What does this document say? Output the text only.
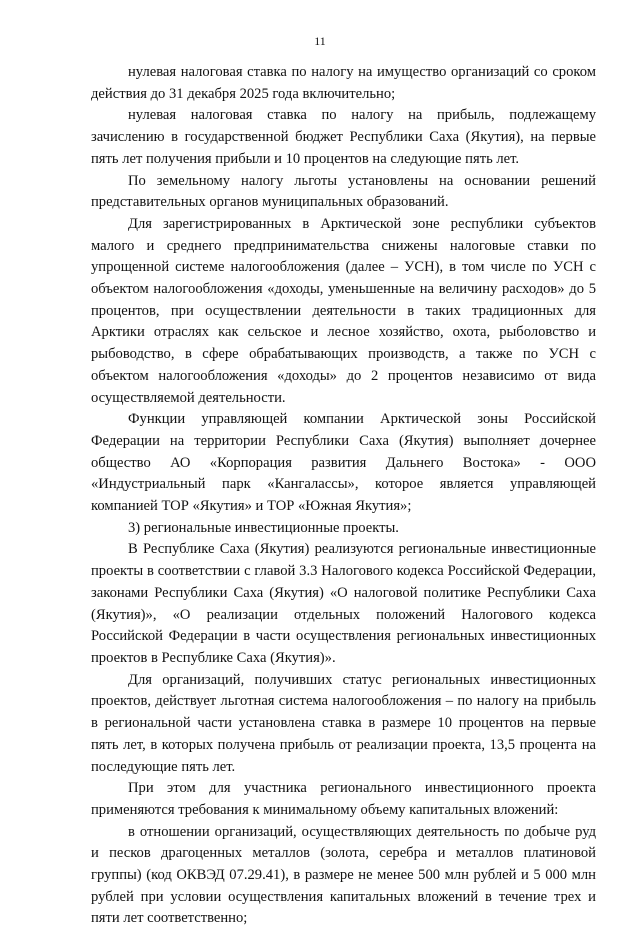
11

нулевая налоговая ставка по налогу на имущество организаций со сроком действия до 31 декабря 2025 года включительно;

нулевая налоговая ставка по налогу на прибыль, подлежащему зачислению в государственной бюджет Республики Саха (Якутия), на первые пять лет получения прибыли и 10 процентов на следующие пять лет.

По земельному налогу льготы установлены на основании решений представительных органов муниципальных образований.

Для зарегистрированных в Арктической зоне республики субъектов малого и среднего предпринимательства снижены налоговые ставки по упрощенной системе налогообложения (далее – УСН), в том числе по УСН с объектом налогообложения «доходы, уменьшенные на величину расходов» до 5 процентов, при осуществлении деятельности в таких традиционных для Арктики отраслях как сельское и лесное хозяйство, охота, рыболовство и рыбоводство, в сфере обрабатывающих производств, а также по УСН с объектом налогообложения «доходы» до 2 процентов независимо от вида осуществляемой деятельности.

Функции управляющей компании Арктической зоны Российской Федерации на территории Республики Саха (Якутия) выполняет дочернее общество АО «Корпорация развития Дальнего Востока» - ООО «Индустриальный парк «Кангаласcы», которое является управляющей компанией ТОР «Якутия» и ТОР «Южная Якутия»;

3) региональные инвестиционные проекты.

В Республике Саха (Якутия) реализуются региональные инвестиционные проекты в соответствии с главой 3.3 Налогового кодекса Российской Федерации, законами Республики Саха (Якутия) «О налоговой политике Республики Саха (Якутия)», «О реализации отдельных положений Налогового кодекса Российской Федерации в части осуществления региональных инвестиционных проектов в Республике Саха (Якутия)».

Для организаций, получивших статус региональных инвестиционных проектов, действует льготная система налогообложения – по налогу на прибыль в региональной части установлена ставка в размере 10 процентов на первые пять лет, в которых получена прибыль от реализации проекта, 13,5 процента на последующие пять лет.

При этом для участника регионального инвестиционного проекта применяются требования к минимальному объему капитальных вложений:

в отношении организаций, осуществляющих деятельность по добыче руд и песков драгоценных металлов (золота, серебра и металлов платиновой группы) (код ОКВЭД 07.29.41), в размере не менее 500 млн рублей и 5 000 млн рублей при условии осуществления капитальных вложений в течение трех и пяти лет соответственно;
